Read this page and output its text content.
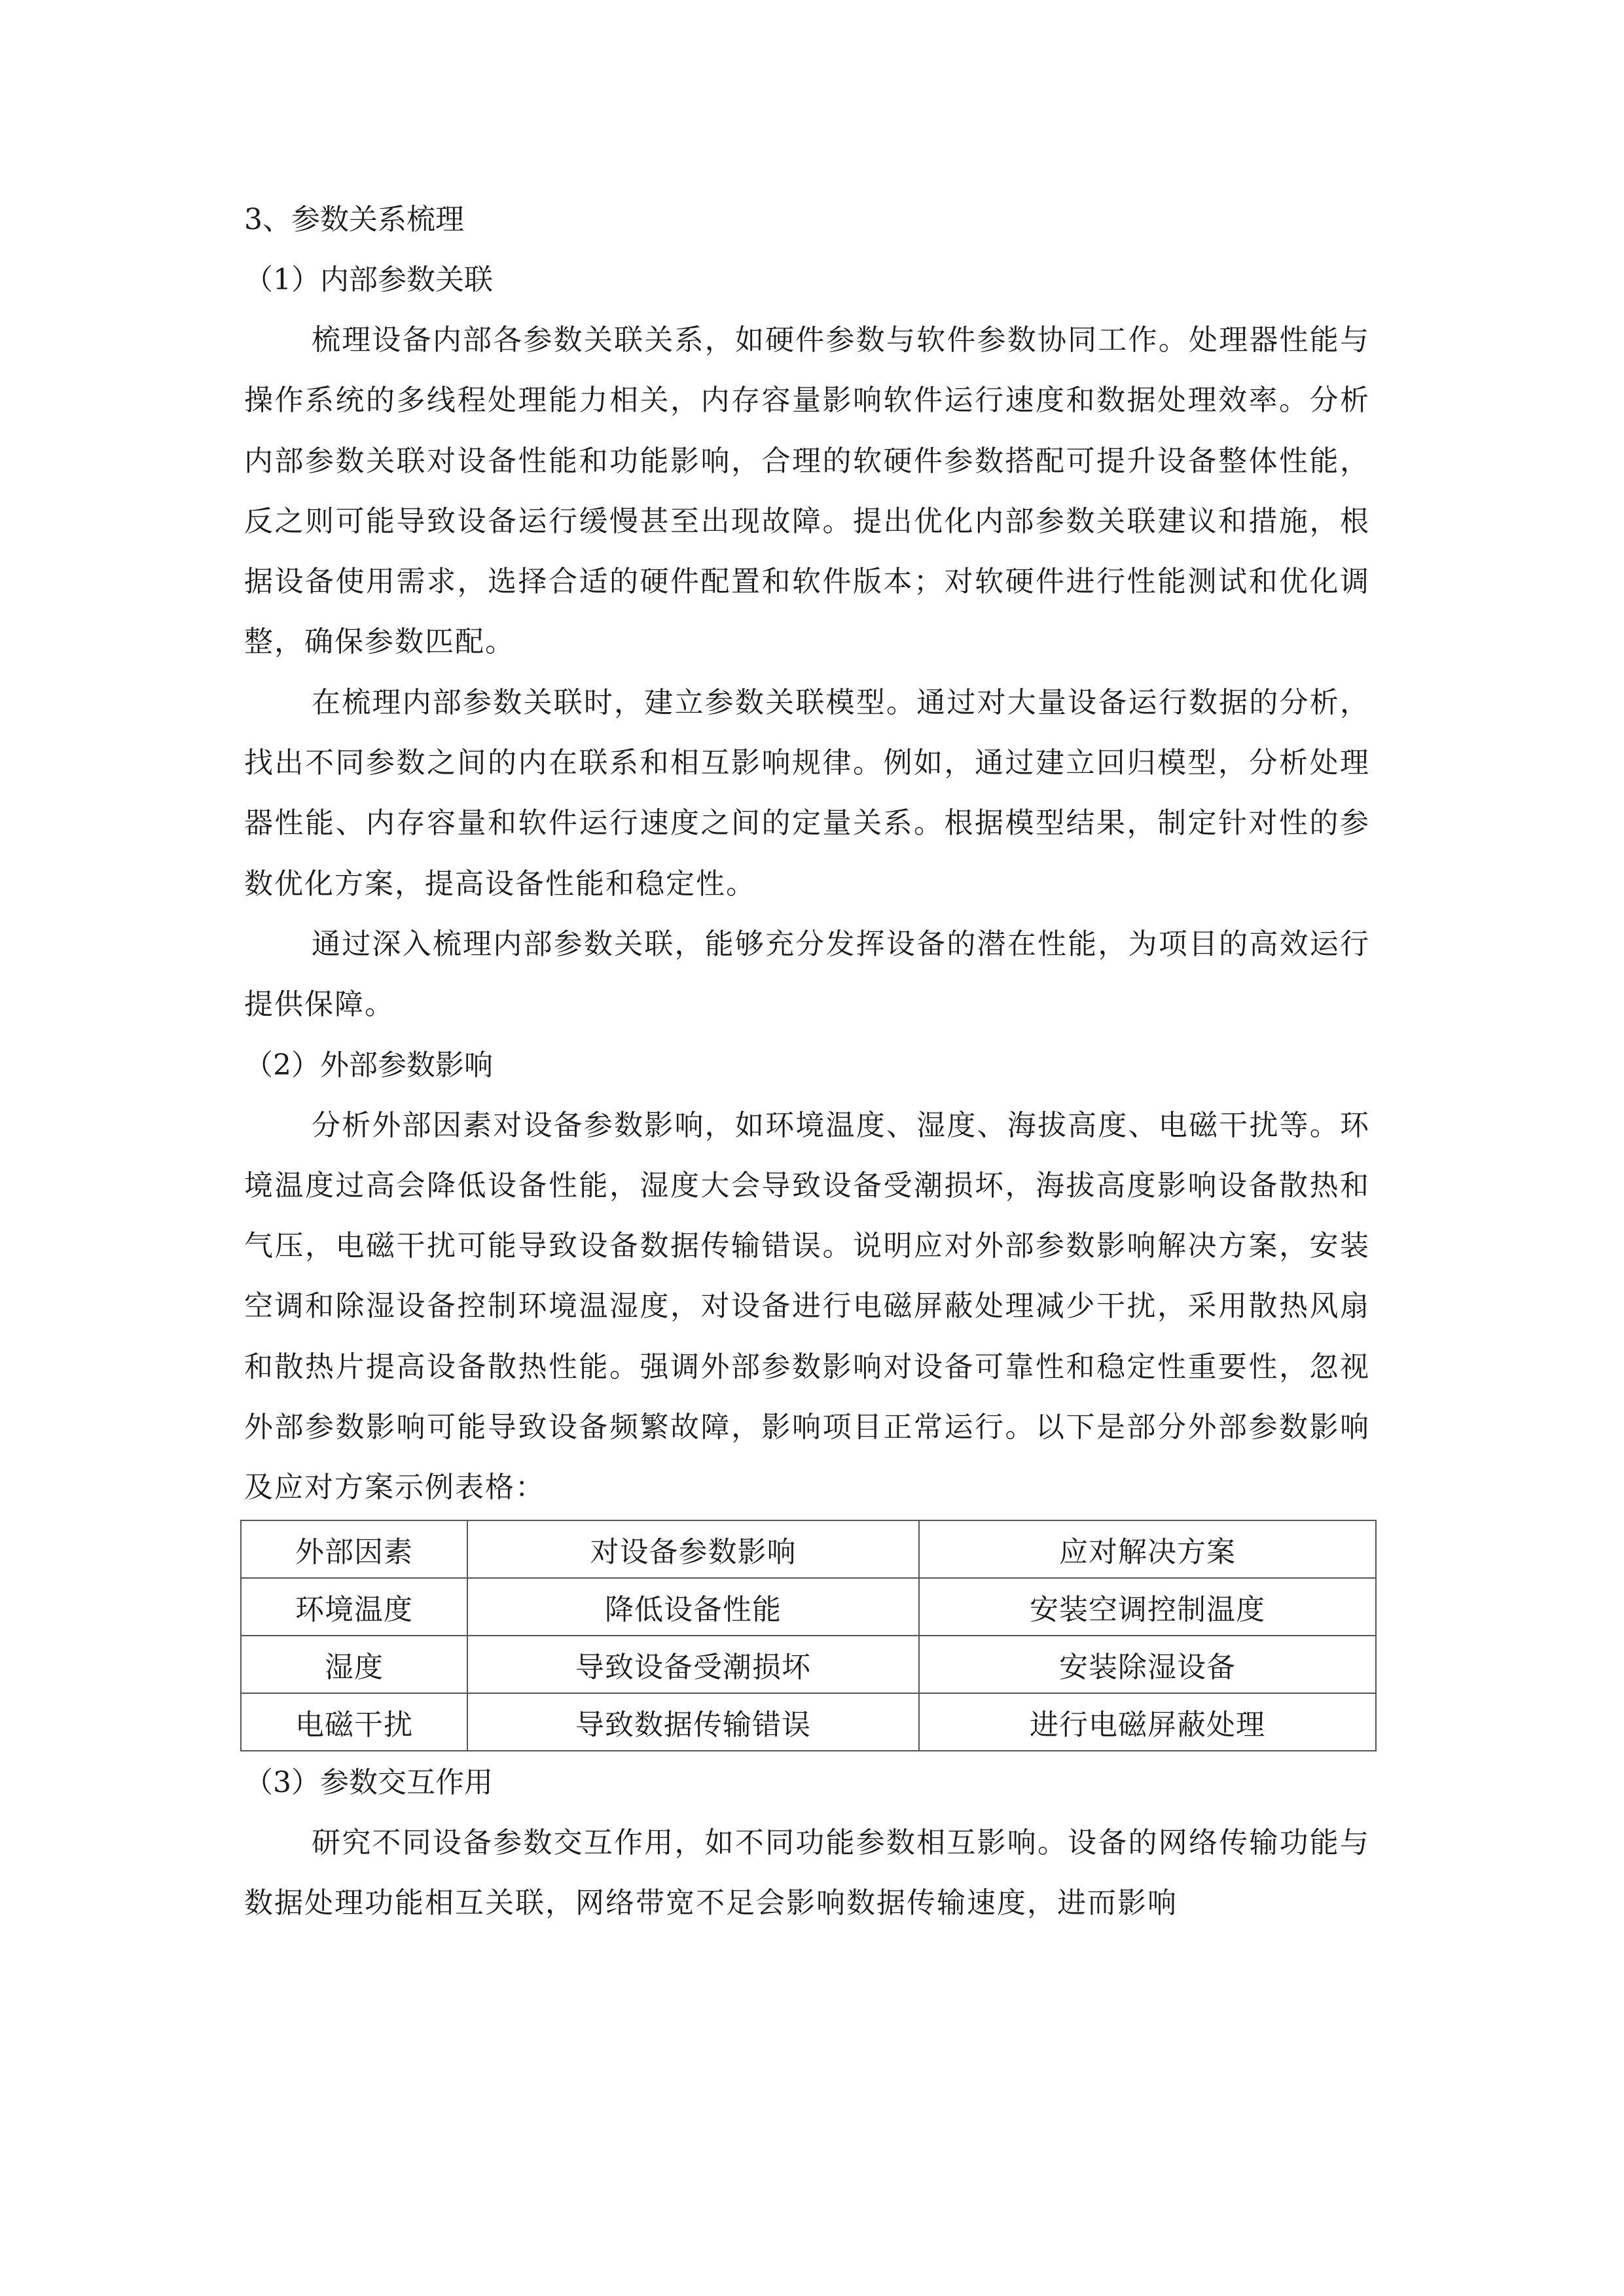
3、参数关系梳理

（1）内部参数关联

梳理设备内部各参数关联关系，如硬件参数与软件参数协同工作。处理器性能与操作系统的多线程处理能力相关，内存容量影响软件运行速度和数据处理效率。分析内部参数关联对设备性能和功能影响，合理的软硬件参数搭配可提升设备整体性能，反之则可能导致设备运行缓慢甚至出现故障。提出优化内部参数关联建议和措施，根据设备使用需求，选择合适的硬件配置和软件版本；对软硬件进行性能测试和优化调整，确保参数匹配。

在梳理内部参数关联时，建立参数关联模型。通过对大量设备运行数据的分析，找出不同参数之间的内在联系和相互影响规律。例如，通过建立回归模型，分析处理器性能、内存容量和软件运行速度之间的定量关系。根据模型结果，制定针对性的参数优化方案，提高设备性能和稳定性。

通过深入梳理内部参数关联，能够充分发挥设备的潜在性能，为项目的高效运行提供保障。

（2）外部参数影响

分析外部因素对设备参数影响，如环境温度、湿度、海拔高度、电磁干扰等。环境温度过高会降低设备性能，湿度大会导致设备受潮损坏，海拔高度影响设备散热和气压，电磁干扰可能导致设备数据传输错误。说明应对外部参数影响解决方案，安装空调和除湿设备控制环境温湿度，对设备进行电磁屏蔽处理减少干扰，采用散热风扇和散热片提高设备散热性能。强调外部参数影响对设备可靠性和稳定性重要性，忽视外部参数影响可能导致设备频繁故障，影响项目正常运行。以下是部分外部参数影响及应对方案示例表格：

外部因素	对设备参数影响	应对解决方案
环境温度	降低设备性能	安装空调控制温度
湿度	导致设备受潮损坏	安装除湿设备
电磁干扰	导致数据传输错误	进行电磁屏蔽处理

（3）参数交互作用

研究不同设备参数交互作用，如不同功能参数相互影响。设备的网络传输功能与数据处理功能相互关联，网络带宽不足会影响数据传输速度，进而影响
